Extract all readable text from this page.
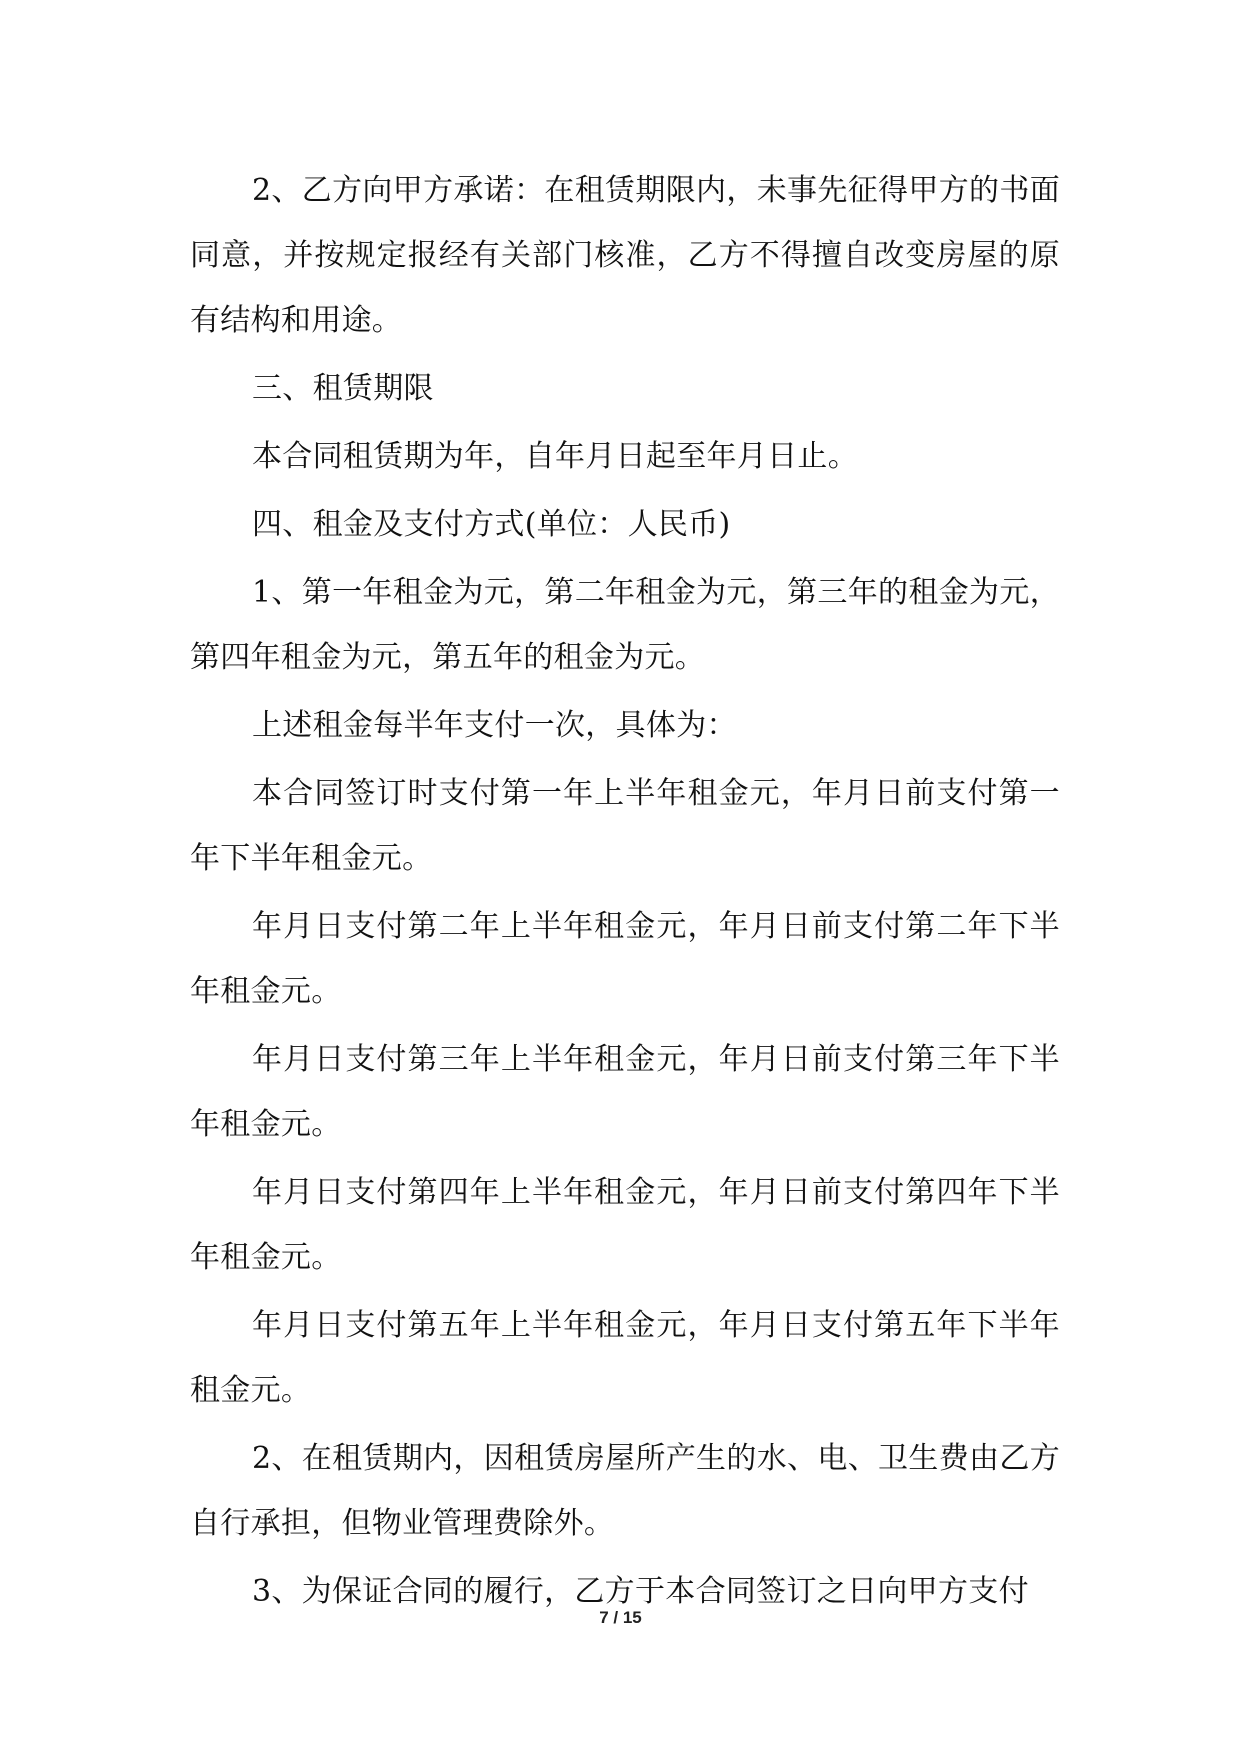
2、乙方向甲方承诺：在租赁期限内，未事先征得甲方的书面同意，并按规定报经有关部门核准，乙方不得擅自改变房屋的原有结构和用途。

三、租赁期限

本合同租赁期为年，自年月日起至年月日止。

四、租金及支付方式(单位：人民币)

1、第一年租金为元，第二年租金为元，第三年的租金为元，第四年租金为元，第五年的租金为元。

上述租金每半年支付一次，具体为：

本合同签订时支付第一年上半年租金元，年月日前支付第一年下半年租金元。

年月日支付第二年上半年租金元，年月日前支付第二年下半年租金元。

年月日支付第三年上半年租金元，年月日前支付第三年下半年租金元。

年月日支付第四年上半年租金元，年月日前支付第四年下半年租金元。

年月日支付第五年上半年租金元，年月日支付第五年下半年租金元。

2、在租赁期内，因租赁房屋所产生的水、电、卫生费由乙方自行承担，但物业管理费除外。

3、为保证合同的履行，乙方于本合同签订之日向甲方支付

7 / 15
